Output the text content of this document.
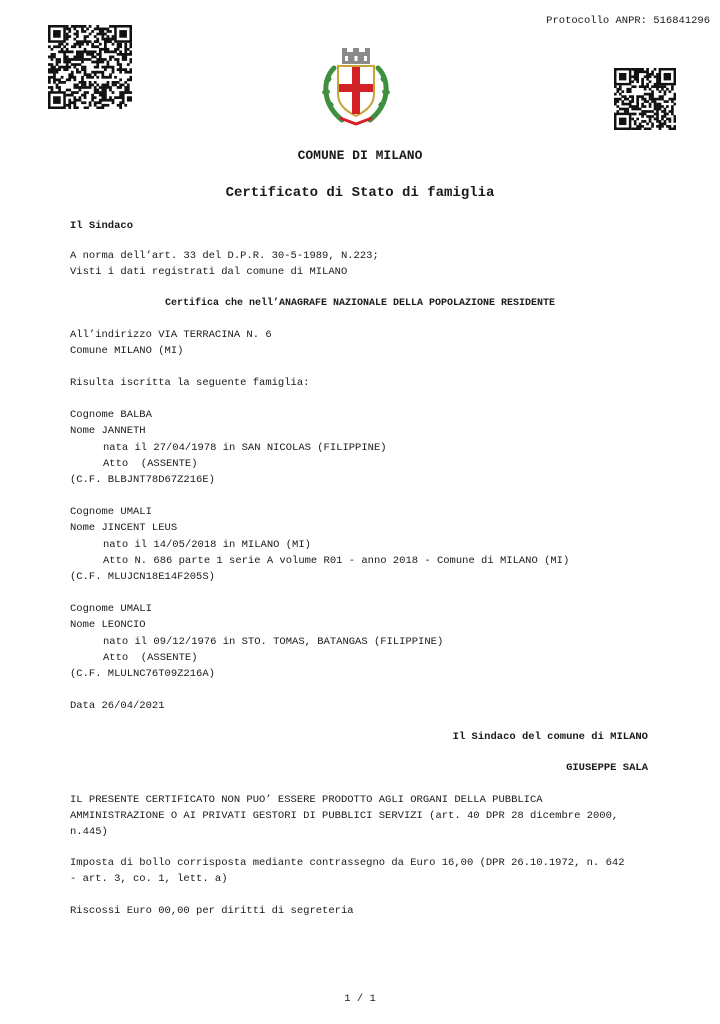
Protocollo ANPR: 516841296
COMUNE DI MILANO
Certificato di Stato di famiglia
Il Sindaco
A norma dell’art. 33 del D.P.R. 30-5-1989, N.223;
Visti i dati registrati dal comune di MILANO
Certifica che nell’ANAGRAFE NAZIONALE DELLA POPOLAZIONE RESIDENTE
All’indirizzo VIA TERRACINA N. 6
Comune MILANO (MI)
Risulta iscritta la seguente famiglia:
Cognome BALBA
Nome JANNETH
nata il 27/04/1978 in SAN NICOLAS (FILIPPINE)
Atto  (ASSENTE)
(C.F. BLBJNT78D67Z216E)
Cognome UMALI
Nome JINCENT LEUS
nato il 14/05/2018 in MILANO (MI)
Atto N. 686 parte 1 serie A volume R01 - anno 2018 - Comune di MILANO (MI)
(C.F. MLUJCN18E14F205S)
Cognome UMALI
Nome LEONCIO
nato il 09/12/1976 in STO. TOMAS, BATANGAS (FILIPPINE)
Atto  (ASSENTE)
(C.F. MLULNC76T09Z216A)
Data 26/04/2021
Il Sindaco del comune di MILANO
GIUSEPPE SALA
IL PRESENTE CERTIFICATO NON PUO’ ESSERE PRODOTTO AGLI ORGANI DELLA PUBBLICA
AMMINISTRAZIONE O AI PRIVATI GESTORI DI PUBBLICI SERVIZI (art. 40 DPR 28 dicembre 2000,
n.445)
Imposta di bollo corrisposta mediante contrassegno da Euro 16,00 (DPR 26.10.1972, n. 642
- art. 3, co. 1, lett. a)
Riscossi Euro 00,00 per diritti di segreteria
1 / 1
